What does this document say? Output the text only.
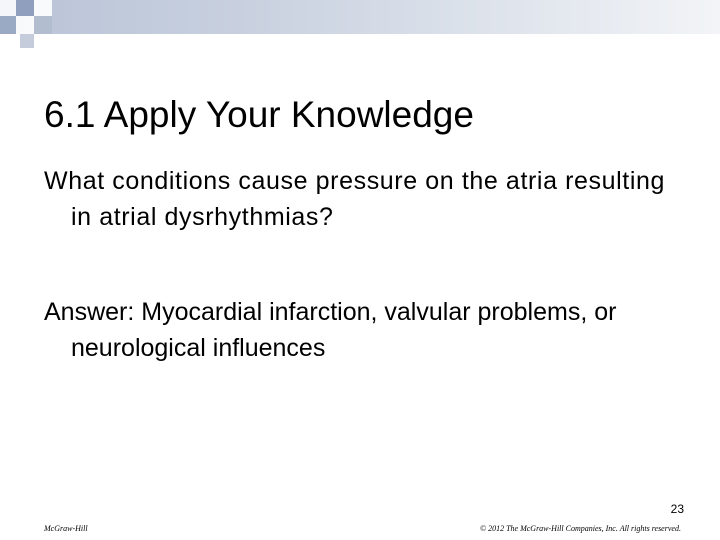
6.1 Apply Your Knowledge

What conditions cause pressure on the atria resulting in atrial dysrhythmias?

Answer: Myocardial infarction, valvular problems, or neurological influences

23
McGraw-Hill	© 2012 The McGraw-Hill Companies, Inc. All rights reserved.
